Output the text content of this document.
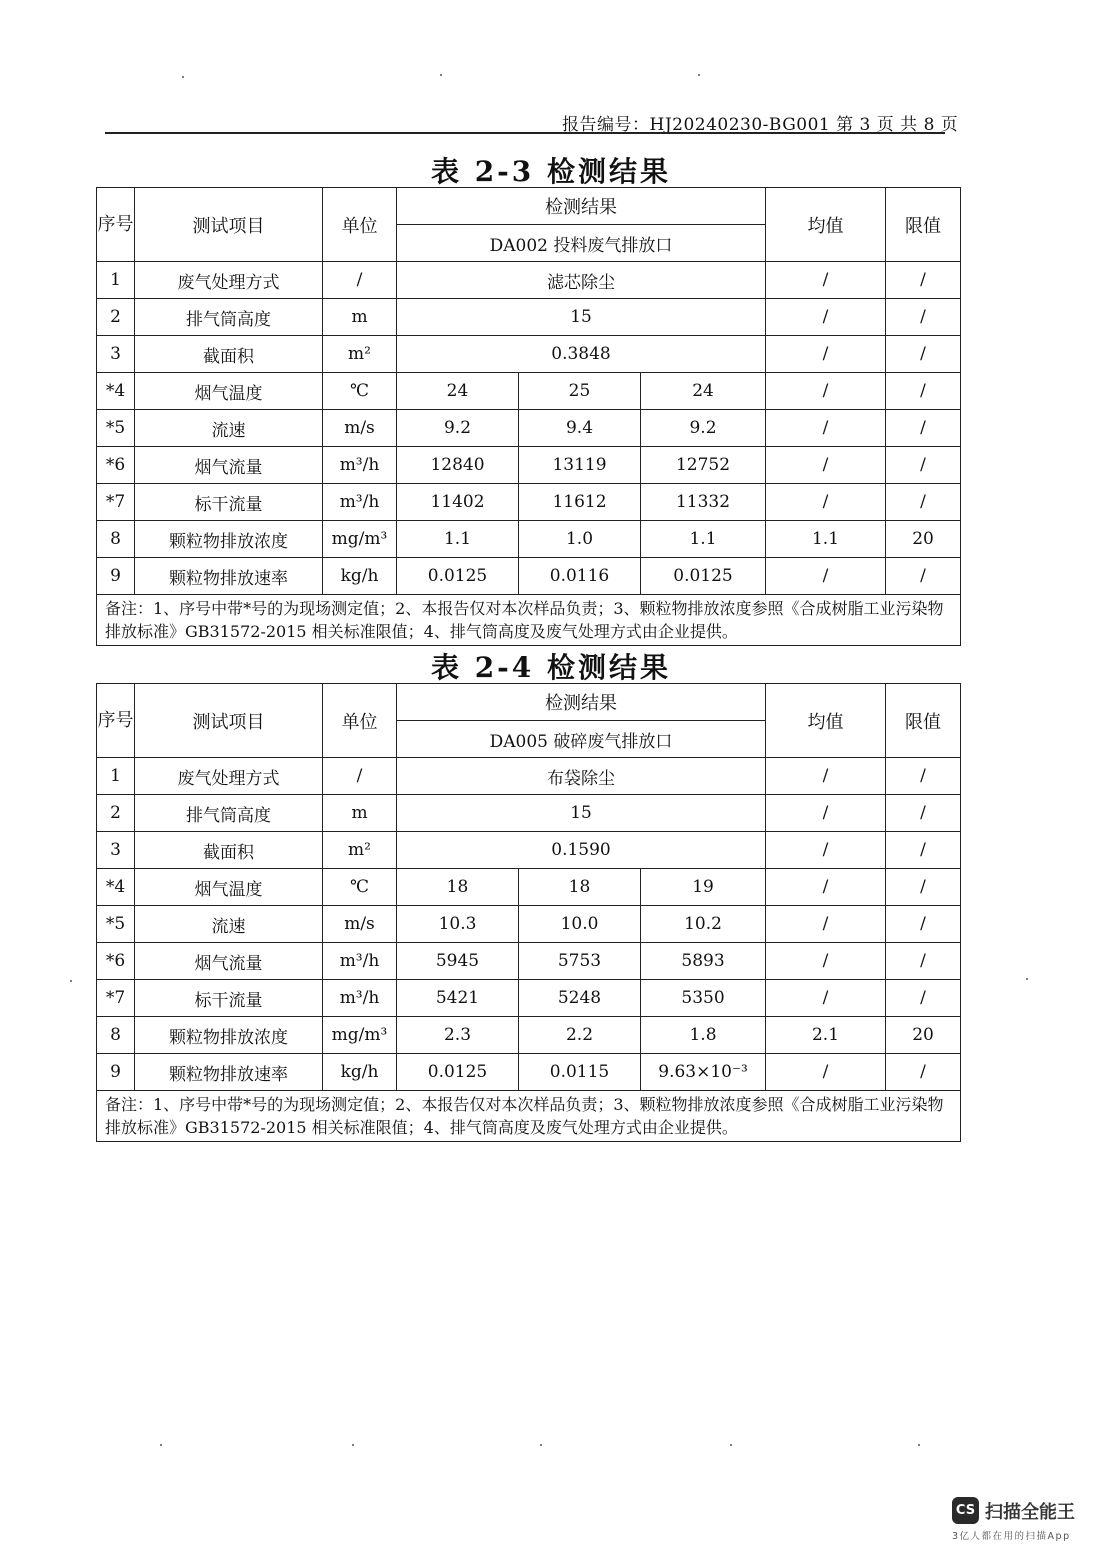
报告编号：HJ20240230-BG001 第 3 页 共 8 页
表 2-3 检测结果
序号	测试项目	单位	检测结果			均值	限值
			DA002 投料废气排放口				
1	废气处理方式	/	滤芯除尘			/	/
2	排气筒高度	m	15			/	/
3	截面积	m²	0.3848			/	/
*4	烟气温度	℃	24	25	24	/	/
*5	流速	m/s	9.2	9.4	9.2	/	/
*6	烟气流量	m³/h	12840	13119	12752	/	/
*7	标干流量	m³/h	11402	11612	11332	/	/
8	颗粒物排放浓度	mg/m³	1.1	1.0	1.1	1.1	20
9	颗粒物排放速率	kg/h	0.0125	0.0116	0.0125	/	/
备注：1、序号中带*号的为现场测定值；2、本报告仅对本次样品负责；3、颗粒物排放浓度参照《合成树脂工业污染物排放标准》GB31572-2015 相关标准限值；4、排气筒高度及废气处理方式由企业提供。							
表 2-4 检测结果
序号	测试项目	单位	检测结果			均值	限值
			DA005 破碎废气排放口				
1	废气处理方式	/	布袋除尘			/	/
2	排气筒高度	m	15			/	/
3	截面积	m²	0.1590			/	/
*4	烟气温度	℃	18	18	19	/	/
*5	流速	m/s	10.3	10.0	10.2	/	/
*6	烟气流量	m³/h	5945	5753	5893	/	/
*7	标干流量	m³/h	5421	5248	5350	/	/
8	颗粒物排放浓度	mg/m³	2.3	2.2	1.8	2.1	20
9	颗粒物排放速率	kg/h	0.0125	0.0115	9.63×10⁻³	/	/
备注：1、序号中带*号的为现场测定值；2、本报告仅对本次样品负责；3、颗粒物排放浓度参照《合成树脂工业污染物排放标准》GB31572-2015 相关标准限值；4、排气筒高度及废气处理方式由企业提供。							
CS 扫描全能王
3亿人都在用的扫描App
